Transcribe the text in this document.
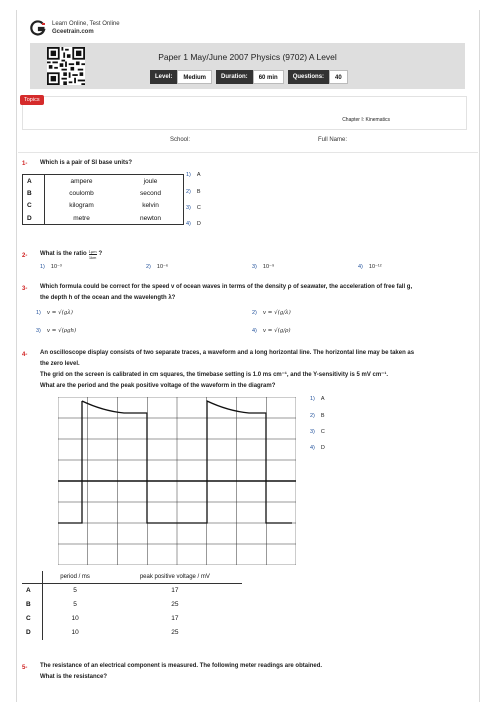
Learn Online, Test Online
Gceetrain.com
Paper 1 May/June 2007 Physics (9702) A Level
Level:	Medium	Duration:	60 min	Questions:	40
Topics
Chapter I: Kinematics
School:	Full Name:
1- Which is a pair of SI base units?
A	ampere	joule
B	coulomb	second
C	kilogram	kelvin
D	metre	newton
1) A
2) B
3) C
4) D
2- What is the ratio 1μm
1km
?
1) 10⁻³	2) 10⁻⁶	3) 10⁻⁹	4) 10⁻¹²
3- Which formula could be correct for the speed v of ocean waves in terms of the density ρ of seawater, the acceleration of free fall g,
the depth h of the ocean and the wavelength λ?
1) v = √(gλ)	2) v = √(g/λ)
3) v = √(ρgh)	4) v = √(g/ρ)
4- An oscilloscope display consists of two separate traces, a waveform and a long horizontal line. The horizontal line may be taken as
the zero level.
The grid on the screen is calibrated in cm squares, the timebase setting is 1.0 ms cm⁻¹, and the Y-sensitivity is 5 mV cm⁻¹.
What are the period and the peak positive voltage of the waveform in the diagram?
1) A
2) B
3) C
4) D
	period / ms	peak positive voltage / mV
A	5	17
B	5	25
C	10	17
D	10	25
5- The resistance of an electrical component is measured. The following meter readings are obtained.
What is the resistance?
